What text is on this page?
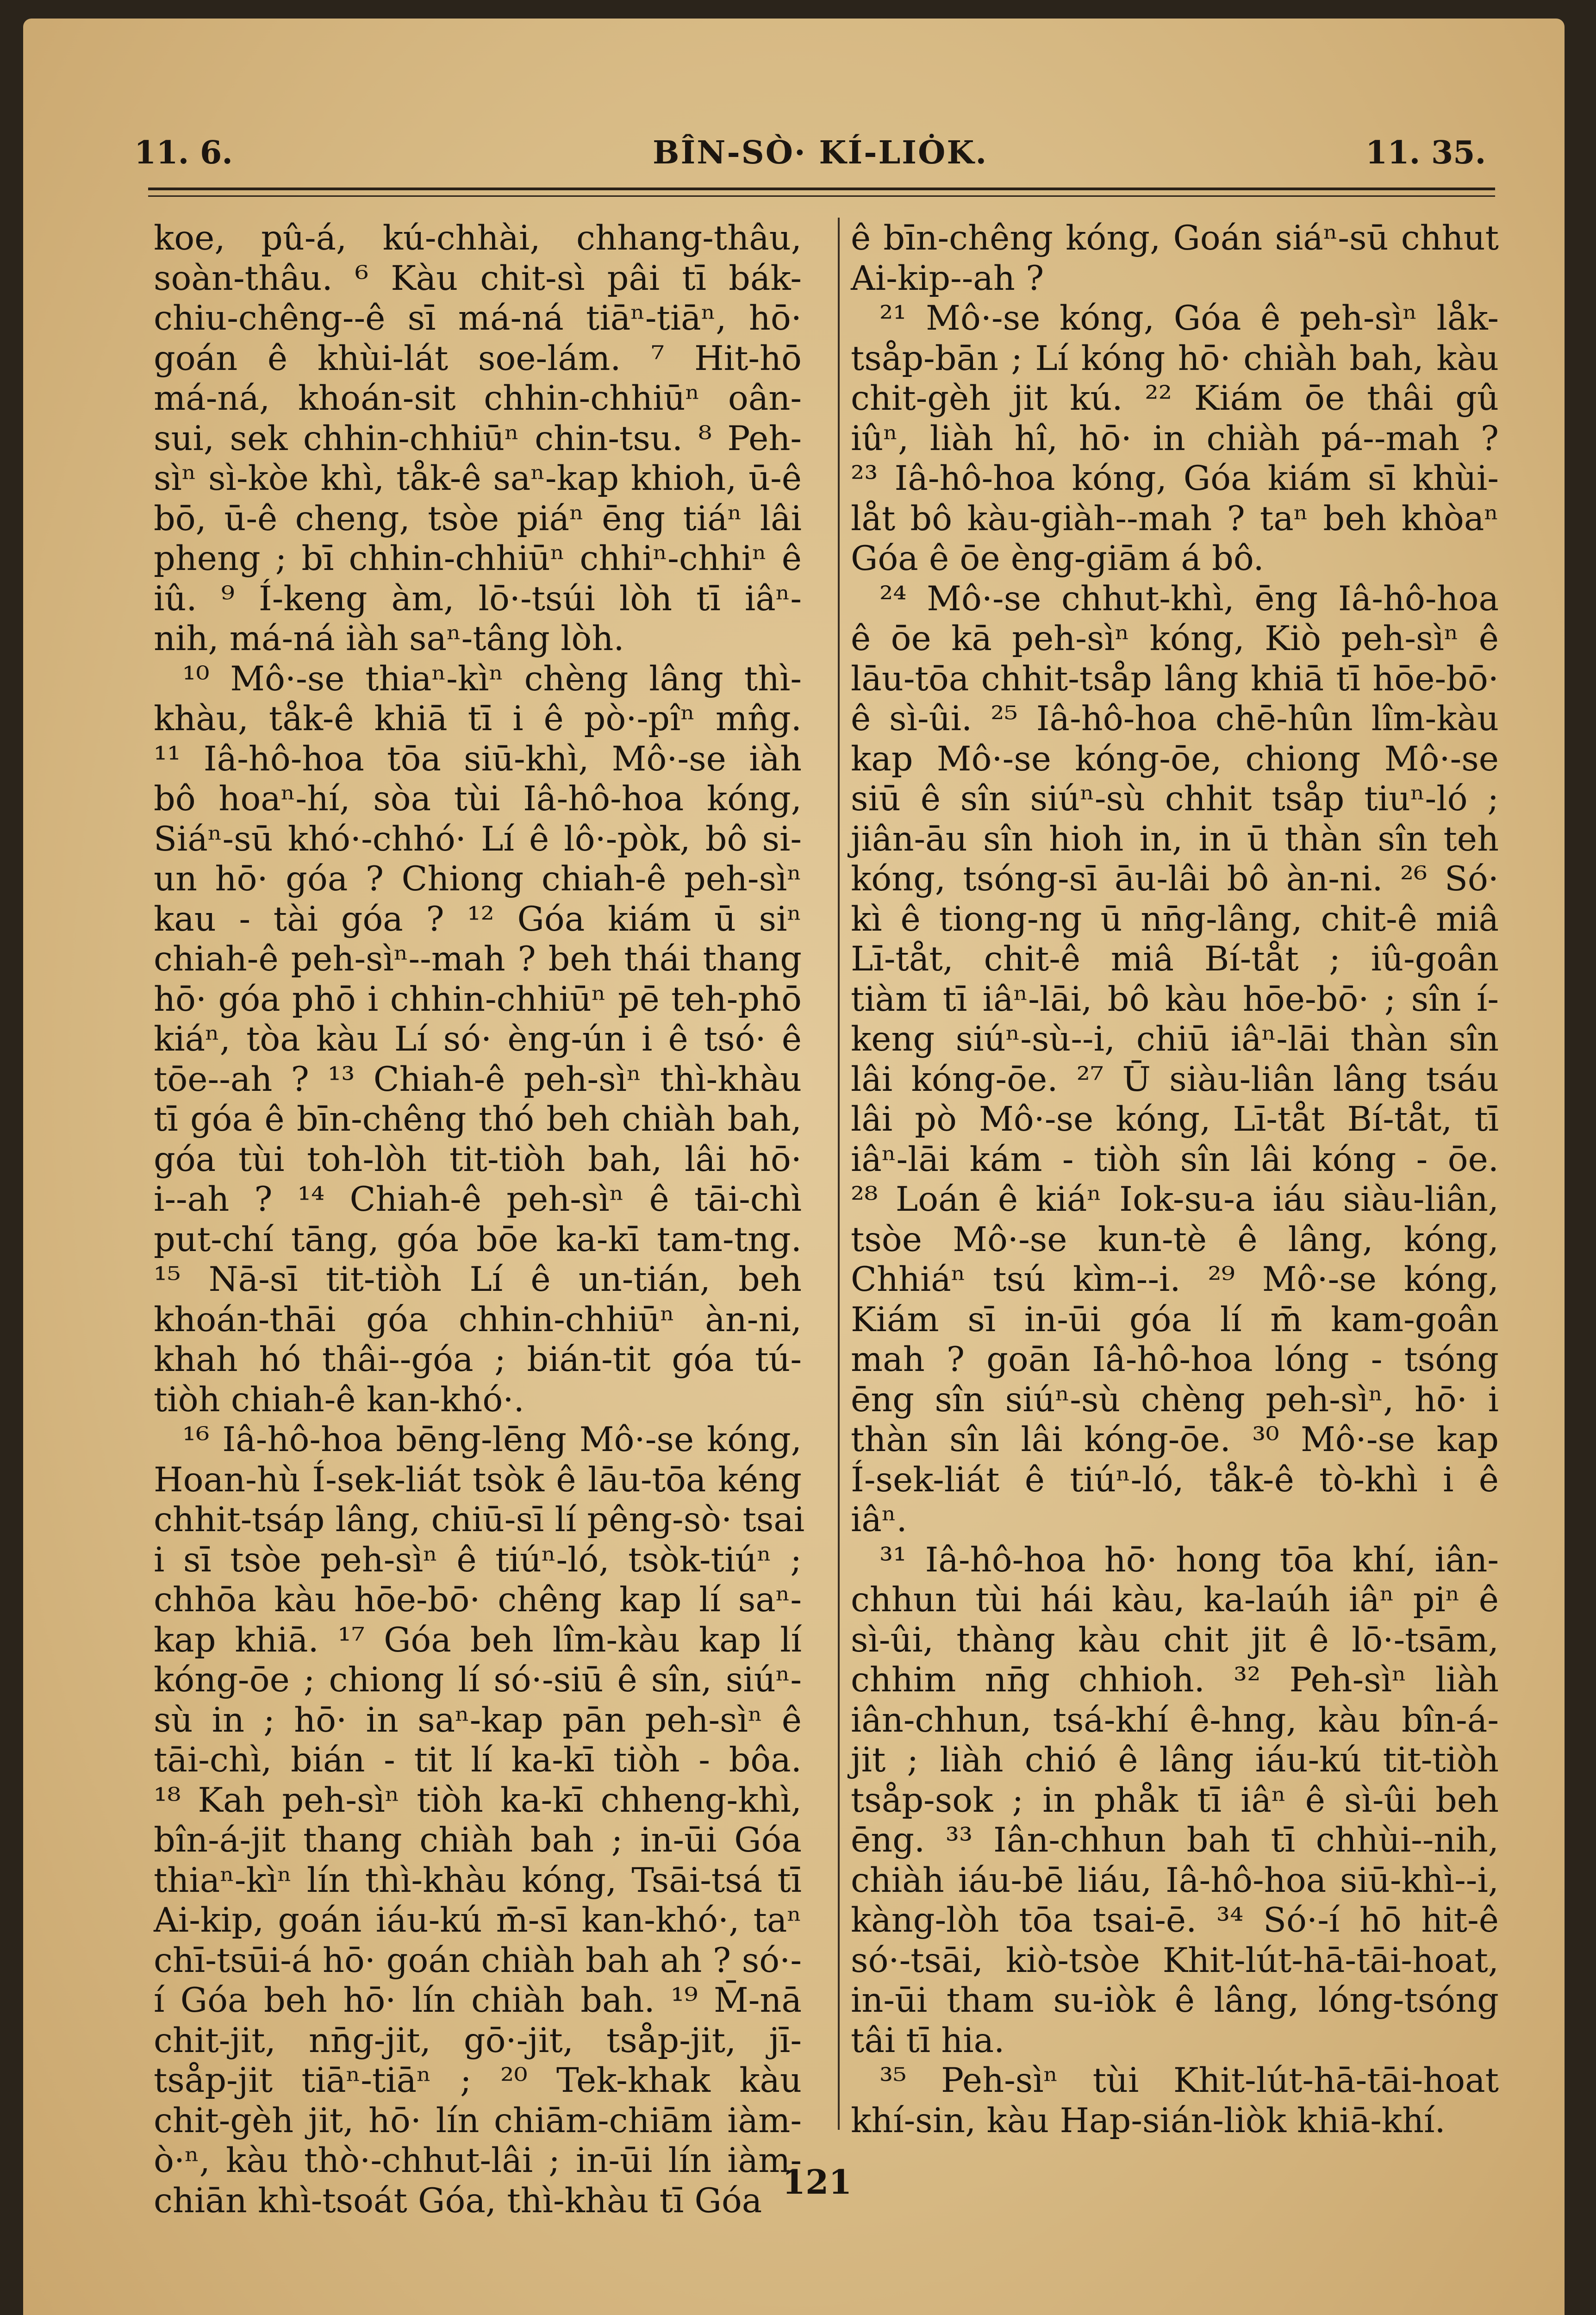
11. 6.	BÎN-SÒ· KÍ-LIȮK.	11. 35.
koe, pû-á, kú-chhài, chhang-thâu,
soàn-thâu. ⁶ Kàu chit-sì pâi tī bák-
chiu-chêng--ê sī má-ná tiāⁿ-tiāⁿ, hō·
goán ê khùi-lát soe-lám. ⁷ Hit-hō
má-ná, khoán-sit chhin-chhiūⁿ oân-
sui, sek chhin-chhiūⁿ chin-tsu. ⁸ Peh-
sìⁿ sì-kòe khì, tåk-ê saⁿ-kap khioh, ū-ê
bō, ū-ê cheng, tsòe piáⁿ ēng tiáⁿ lâi
pheng ; bī chhin-chhiūⁿ chhiⁿ-chhiⁿ ê
iû. ⁹ Í-keng àm, lō·-tsúi lòh tī iâⁿ-
nih, má-ná iàh saⁿ-tâng lòh.
¹⁰ Mô·-se thiaⁿ-kìⁿ chèng lâng thì-
khàu, tåk-ê khiā tī i ê pò·-pîⁿ mn̂g.
¹¹ Iâ-hô-hoa tōa siū-khì, Mô·-se iàh
bô hoaⁿ-hí, sòa tùi Iâ-hô-hoa kóng,
Siáⁿ-sū khó·-chhó· Lí ê lô·-pòk, bô si-
un hō· góa ? Chiong chiah-ê peh-sìⁿ
kau - tài góa ? ¹² Góa kiám ū siⁿ
chiah-ê peh-sìⁿ--mah ? beh thái thang
hō· góa phō i chhin-chhiūⁿ pē teh-phō
kiáⁿ, tòa kàu Lí só· èng-ún i ê tsó· ê
tōe--ah ? ¹³ Chiah-ê peh-sìⁿ thì-khàu
tī góa ê bīn-chêng thó beh chiàh bah,
góa tùi toh-lòh tit-tiòh bah, lâi hō·
i--ah ? ¹⁴ Chiah-ê peh-sìⁿ ê tāi-chì
put-chí tāng, góa bōe ka-kī tam-tng.
¹⁵ Nā-sī tit-tiòh Lí ê un-tián, beh
khoán-thāi góa chhin-chhiūⁿ àn-ni,
khah hó thâi--góa ; bián-tit góa tú-
tiòh chiah-ê kan-khó·.
¹⁶ Iâ-hô-hoa bēng-lēng Mô·-se kóng,
Hoan-hù Í-sek-liát tsòk ê lāu-tōa kéng
chhit-tsáp lâng, chiū-sī lí pêng-sò· tsai
i sī tsòe peh-sìⁿ ê tiúⁿ-ló, tsòk-tiúⁿ ;
chhōa kàu hōe-bō· chêng kap lí saⁿ-
kap khiā. ¹⁷ Góa beh lîm-kàu kap lí
kóng-ōe ; chiong lí só·-siū ê sîn, siúⁿ-
sù in ; hō· in saⁿ-kap pān peh-sìⁿ ê
tāi-chì, bián - tit lí ka-kī tiòh - bôa.
¹⁸ Kah peh-sìⁿ tiòh ka-kī chheng-khì,
bîn-á-jit thang chiàh bah ; in-ūi Góa
thiaⁿ-kìⁿ lín thì-khàu kóng, Tsāi-tsá tī
Ai-kip, goán iáu-kú m̄-sī kan-khó·, taⁿ
chī-tsūi-á hō· goán chiàh bah ah ? só·-
í Góa beh hō· lín chiàh bah. ¹⁹ M̄-nā
chit-jit, nn̄g-jit, gō·-jit, tsåp-jit, jī-
tsåp-jit tiāⁿ-tiāⁿ ; ²⁰ Tek-khak kàu
chit-gèh jit, hō· lín chiām-chiām iàm-
ò·ⁿ, kàu thò·-chhut-lâi ; in-ūi lín iàm-
chiān khì-tsoát Góa, thì-khàu tī Góa
ê bīn-chêng kóng, Goán siáⁿ-sū chhut
Ai-kip--ah ?
²¹ Mô·-se kóng, Góa ê peh-sìⁿ låk-
tsåp-bān ; Lí kóng hō· chiàh bah, kàu
chit-gèh jit kú. ²² Kiám ōe thâi gû
iûⁿ, liàh hî, hō· in chiàh pá--mah ?
²³ Iâ-hô-hoa kóng, Góa kiám sī khùi-
låt bô kàu-giàh--mah ? taⁿ beh khòaⁿ
Góa ê ōe èng-giām á bô.
²⁴ Mô·-se chhut-khì, ēng Iâ-hô-hoa
ê ōe kā peh-sìⁿ kóng, Kiò peh-sìⁿ ê
lāu-tōa chhit-tsåp lâng khiā tī hōe-bō·
ê sì-ûi. ²⁵ Iâ-hô-hoa chē-hûn lîm-kàu
kap Mô·-se kóng-ōe, chiong Mô·-se
siū ê sîn siúⁿ-sù chhit tsåp tiuⁿ-ló ;
jiân-āu sîn hioh in, in ū thàn sîn teh
kóng, tsóng-sī āu-lâi bô àn-ni. ²⁶ Só·
kì ê tiong-ng ū nn̄g-lâng, chit-ê miâ
Lī-tåt, chit-ê miâ Bí-tåt ; iû-goân
tiàm tī iâⁿ-lāi, bô kàu hōe-bō· ; sîn í-
keng siúⁿ-sù--i, chiū iâⁿ-lāi thàn sîn
lâi kóng-ōe. ²⁷ Ū siàu-liân lâng tsáu
lâi pò Mô·-se kóng, Lī-tåt Bí-tåt, tī
iâⁿ-lāi kám - tiòh sîn lâi kóng - ōe.
²⁸ Loán ê kiáⁿ Iok-su-a iáu siàu-liân,
tsòe Mô·-se kun-tè ê lâng, kóng,
Chhiáⁿ tsú kìm--i. ²⁹ Mô·-se kóng,
Kiám sī in-ūi góa lí m̄ kam-goân
mah ? goān Iâ-hô-hoa lóng - tsóng
ēng sîn siúⁿ-sù chèng peh-sìⁿ, hō· i
thàn sîn lâi kóng-ōe. ³⁰ Mô·-se kap
Í-sek-liát ê tiúⁿ-ló, tåk-ê tò-khì i ê
iâⁿ.
³¹ Iâ-hô-hoa hō· hong tōa khí, iân-
chhun tùi hái kàu, ka-laúh iâⁿ piⁿ ê
sì-ûi, thàng kàu chit jit ê lō·-tsām,
chhim nn̄g chhioh. ³² Peh-sìⁿ liàh
iân-chhun, tsá-khí ê-hng, kàu bîn-á-
jit ; liàh chió ê lâng iáu-kú tit-tiòh
tsåp-sok ; in phåk tī iâⁿ ê sì-ûi beh
ēng. ³³ Iân-chhun bah tī chhùi--nih,
chiàh iáu-bē liáu, Iâ-hô-hoa siū-khì--i,
kàng-lòh tōa tsai-ē. ³⁴ Só·-í hō hit-ê
só·-tsāi, kiò-tsòe Khit-lút-hā-tāi-hoat,
in-ūi tham su-iòk ê lâng, lóng-tsóng
tâi tī hia.
³⁵ Peh-sìⁿ tùi Khit-lút-hā-tāi-hoat
khí-sin, kàu Hap-sián-liòk khiā-khí.
121
